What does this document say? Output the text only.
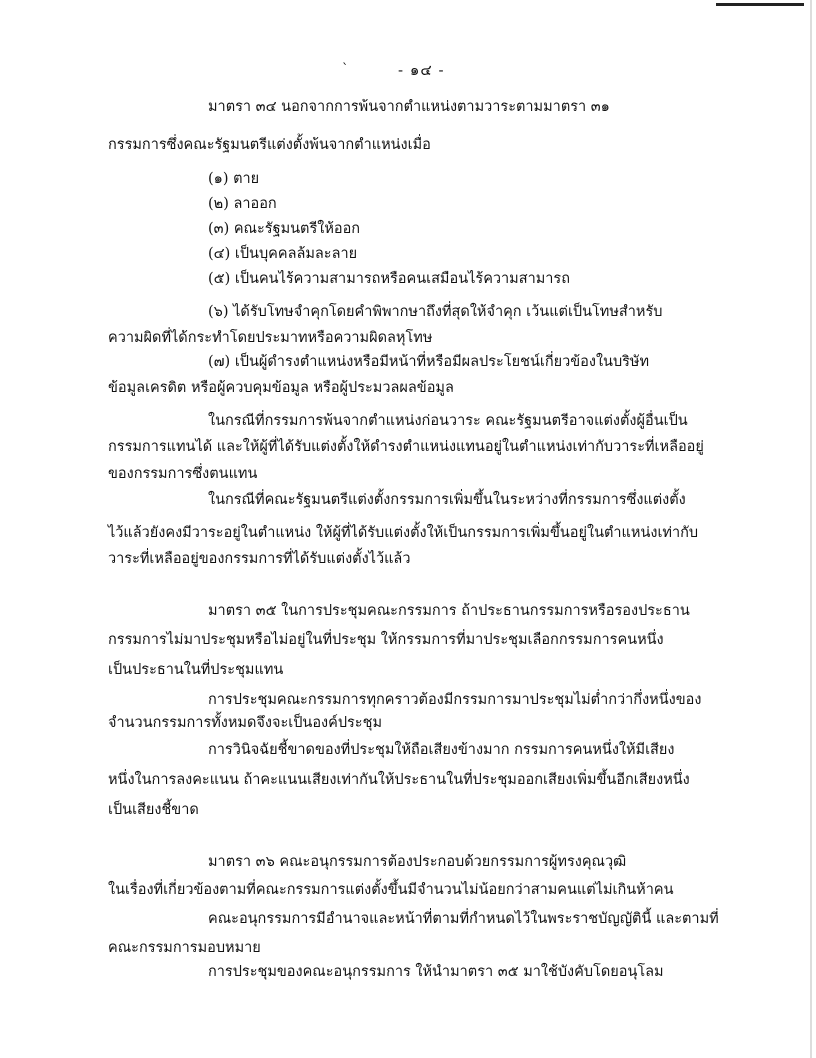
`	- ๑๔ -
มาตรา ๓๔ นอกจากการพ้นจากตำแหน่งตามวาระตามมาตรา ๓๑
กรรมการซึ่งคณะรัฐมนตรีแต่งตั้งพ้นจากตำแหน่งเมื่อ
(๑) ตาย
(๒) ลาออก
(๓) คณะรัฐมนตรีให้ออก
(๔) เป็นบุคคลล้มละลาย
(๕) เป็นคนไร้ความสามารถหรือคนเสมือนไร้ความสามารถ
(๖) ได้รับโทษจำคุกโดยคำพิพากษาถึงที่สุดให้จำคุก เว้นแต่เป็นโทษสำหรับ
ความผิดที่ได้กระทำโดยประมาทหรือความผิดลหุโทษ
(๗) เป็นผู้ดำรงตำแหน่งหรือมีหน้าที่หรือมีผลประโยชน์เกี่ยวข้องในบริษัท
ข้อมูลเครดิต หรือผู้ควบคุมข้อมูล หรือผู้ประมวลผลข้อมูล
ในกรณีที่กรรมการพ้นจากตำแหน่งก่อนวาระ คณะรัฐมนตรีอาจแต่งตั้งผู้อื่นเป็น
กรรมการแทนได้ และให้ผู้ที่ได้รับแต่งตั้งให้ดำรงตำแหน่งแทนอยู่ในตำแหน่งเท่ากับวาระที่เหลืออยู่
ของกรรมการซึ่งตนแทน
ในกรณีที่คณะรัฐมนตรีแต่งตั้งกรรมการเพิ่มขึ้นในระหว่างที่กรรมการซึ่งแต่งตั้ง
ไว้แล้วยังคงมีวาระอยู่ในตำแหน่ง ให้ผู้ที่ได้รับแต่งตั้งให้เป็นกรรมการเพิ่มขึ้นอยู่ในตำแหน่งเท่ากับ
วาระที่เหลืออยู่ของกรรมการที่ได้รับแต่งตั้งไว้แล้ว
มาตรา ๓๕ ในการประชุมคณะกรรมการ ถ้าประธานกรรมการหรือรองประธาน
กรรมการไม่มาประชุมหรือไม่อยู่ในที่ประชุม ให้กรรมการที่มาประชุมเลือกกรรมการคนหนึ่ง
เป็นประธานในที่ประชุมแทน
การประชุมคณะกรรมการทุกคราวต้องมีกรรมการมาประชุมไม่ต่ำกว่ากึ่งหนึ่งของ
จำนวนกรรมการทั้งหมดจึงจะเป็นองค์ประชุม
การวินิจฉัยชี้ขาดของที่ประชุมให้ถือเสียงข้างมาก กรรมการคนหนึ่งให้มีเสียง
หนึ่งในการลงคะแนน ถ้าคะแนนเสียงเท่ากันให้ประธานในที่ประชุมออกเสียงเพิ่มขึ้นอีกเสียงหนึ่ง
เป็นเสียงชี้ขาด
มาตรา ๓๖ คณะอนุกรรมการต้องประกอบด้วยกรรมการผู้ทรงคุณวุฒิ
ในเรื่องที่เกี่ยวข้องตามที่คณะกรรมการแต่งตั้งขึ้นมีจำนวนไม่น้อยกว่าสามคนแต่ไม่เกินห้าคน
คณะอนุกรรมการมีอำนาจและหน้าที่ตามที่กำหนดไว้ในพระราชบัญญัตินี้ และตามที่
คณะกรรมการมอบหมาย
การประชุมของคณะอนุกรรมการ ให้นำมาตรา ๓๕ มาใช้บังคับโดยอนุโลม
